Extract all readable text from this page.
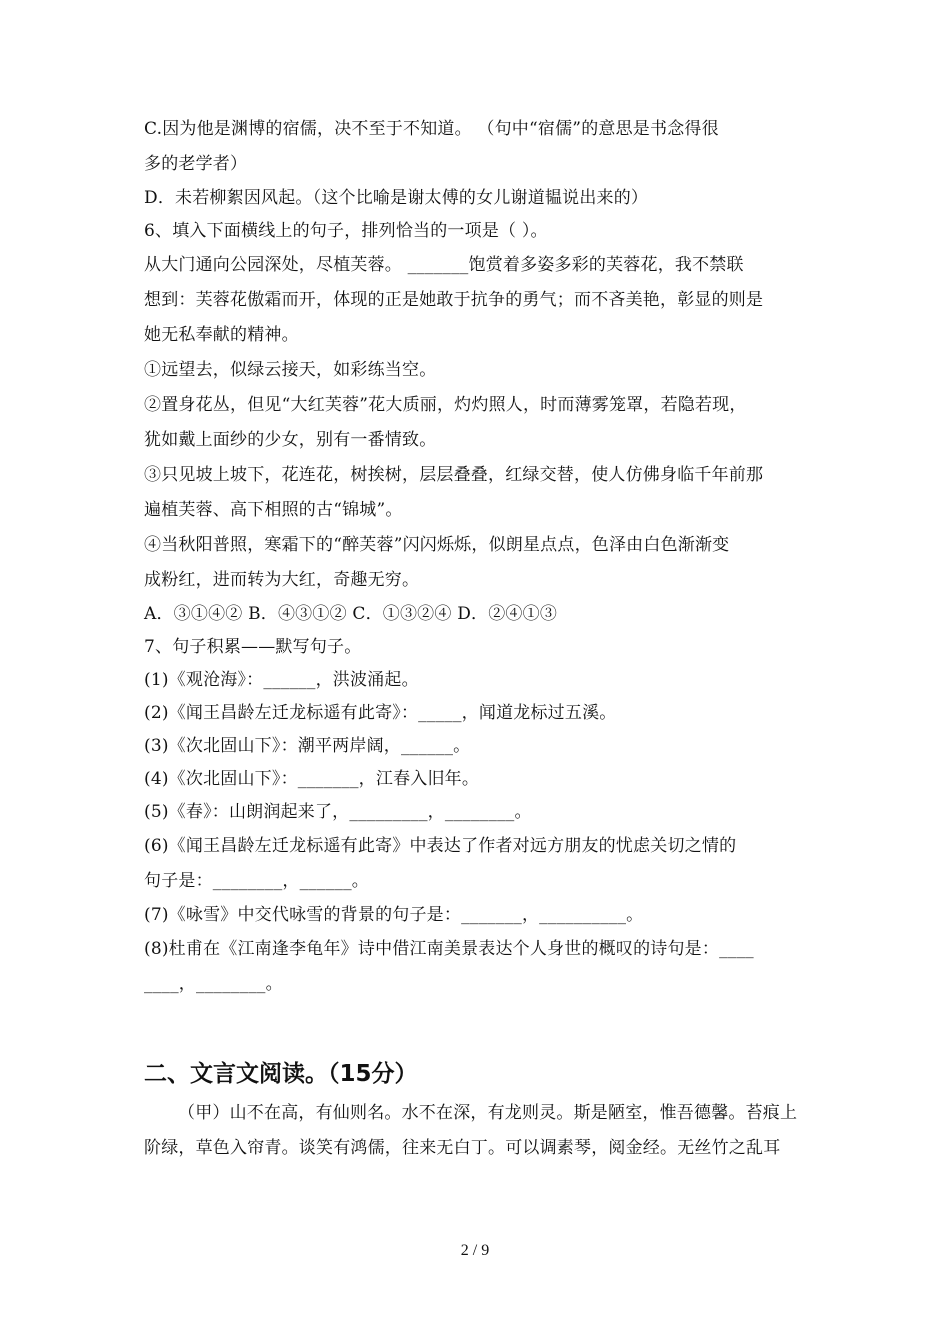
C.因为他是渊博的宿儒，决不至于不知道。 （句中“宿儒”的意思是书念得很
多的老学者）
D．未若柳絮因风起。（这个比喻是谢太傅的女儿谢道韫说出来的）
6、填入下面横线上的句子，排列恰当的一项是（ ）。
从大门通向公园深处，尽植芙蓉。 _______饱赏着多姿多彩的芙蓉花，我不禁联
想到：芙蓉花傲霜而开，体现的正是她敢于抗争的勇气；而不吝美艳，彰显的则是
她无私奉献的精神。
①远望去，似绿云接天，如彩练当空。
②置身花丛，但见“大红芙蓉”花大质丽，灼灼照人，时而薄雾笼罩，若隐若现，
犹如戴上面纱的少女，别有一番情致。
③只见坡上坡下，花连花，树挨树，层层叠叠，红绿交替，使人仿佛身临千年前那
遍植芙蓉、高下相照的古“锦城”。
④当秋阳普照，寒霜下的“醉芙蓉”闪闪烁烁，似朗星点点，色泽由白色渐渐变
成粉红，进而转为大红，奇趣无穷。
A．③①④② B．④③①② C．①③②④ D．②④①③
7、句子积累——默写句子。
(1)《观沧海》：______，洪波涌起。
(2)《闻王昌龄左迁龙标遥有此寄》：_____，闻道龙标过五溪。
(3)《次北固山下》：潮平两岸阔，______。
(4)《次北固山下》：_______，江春入旧年。
(5)《春》：山朗润起来了，_________，________。
(6)《闻王昌龄左迁龙标遥有此寄》中表达了作者对远方朋友的忧虑关切之情的
句子是：________，______。
(7)《咏雪》中交代咏雪的背景的句子是：_______，__________。
(8)杜甫在《江南逢李龟年》诗中借江南美景表达个人身世的概叹的诗句是：____
____，________。
二、文言文阅读。（15分）
（甲）山不在高，有仙则名。水不在深，有龙则灵。斯是陋室，惟吾德馨。苔痕上
阶绿，草色入帘青。谈笑有鸿儒，往来无白丁。可以调素琴，阅金经。无丝竹之乱耳
2 / 9
